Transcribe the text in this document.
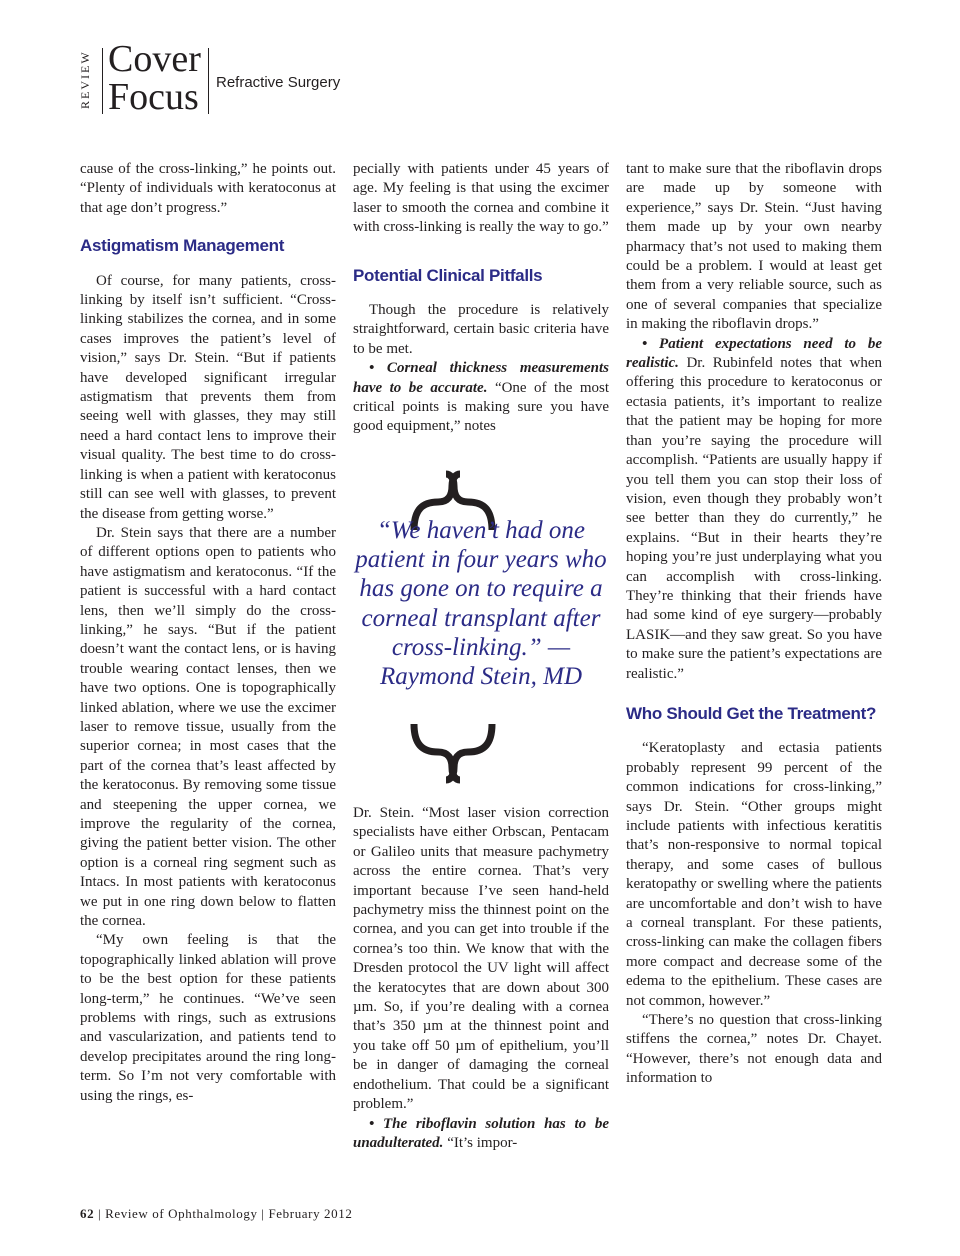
REVIEW Cover
Focus Refractive Surgery

cause of the cross-linking,” he points out. “Plenty of individuals with keratoconus at that age don’t progress.”

Astigmatism Management

Of course, for many patients, cross-linking by itself isn’t sufficient. “Cross-linking stabilizes the cornea, and in some cases improves the patient’s level of vision,” says Dr. Stein. “But if patients have developed significant irregular astigmatism that prevents them from seeing well with glasses, they may still need a hard contact lens to improve their visual quality. The best time to do cross-linking is when a patient with keratoconus still can see well with glasses, to prevent the disease from getting worse.”

Dr. Stein says that there are a number of different options open to patients who have astigmatism and keratoconus. “If the patient is successful with a hard contact lens, then we’ll simply do the cross-linking,” he says. “But if the patient doesn’t want the contact lens, or is having trouble wearing contact lenses, then we have two options. One is topographically linked ablation, where we use the excimer laser to remove tissue, usually from the superior cornea; in most cases that the part of the cornea that’s least affected by the keratoconus. By removing some tissue and steepening the upper cornea, we improve the regularity of the cornea, giving the patient better vision. The other option is a corneal ring segment such as Intacs. In most patients with keratoconus we put in one ring down below to flatten the cornea.

“My own feeling is that the topographically linked ablation will prove to be the best option for these patients long-term,” he continues. “We’ve seen problems with rings, such as extrusions and vascularization, and patients tend to develop precipitates around the ring long-term. So I’m not very comfortable with using the rings, es-

pecially with patients under 45 years of age. My feeling is that using the excimer laser to smooth the cornea and combine it with cross-linking is really the way to go.”

Potential Clinical Pitfalls

Though the procedure is relatively straightforward, certain basic criteria have to be met.

• Corneal thickness measurements have to be accurate. “One of the most critical points is making sure you have good equipment,” notes

“We haven’t had one patient in four years who has gone on to require a corneal transplant after cross-linking.” — Raymond Stein, MD

Dr. Stein. “Most laser vision correction specialists have either Orbscan, Pentacam or Galileo units that measure pachymetry across the entire cornea. That’s very important because I’ve seen hand-held pachymetry miss the thinnest point on the cornea, and you can get into trouble if the cornea’s too thin. We know that with the Dresden protocol the UV light will affect the keratocytes that are down about 300 µm. So, if you’re dealing with a cornea that’s 350 µm at the thinnest point and you take off 50 µm of epithelium, you’ll be in danger of damaging the corneal endothelium. That could be a significant problem.”

• The riboflavin solution has to be unadulterated. “It’s impor-

tant to make sure that the riboflavin drops are made up by someone with experience,” says Dr. Stein. “Just having them made up by your own nearby pharmacy that’s not used to making them could be a problem. I would at least get them from a very reliable source, such as one of several companies that specialize in making the riboflavin drops.”

• Patient expectations need to be realistic. Dr. Rubinfeld notes that when offering this procedure to keratoconus or ectasia patients, it’s important to realize that the patient may be hoping for more than you’re saying the procedure will accomplish. “Patients are usually happy if you tell them you can stop their loss of vision, even though they probably won’t see better than they do currently,” he explains. “But in their hearts they’re hoping you’re just underplaying what you can accomplish with cross-linking. They’re thinking that their friends have had some kind of eye surgery—probably LASIK—and they saw great. So you have to make sure the patient’s expectations are realistic.”

Who Should Get the Treatment?

“Keratoplasty and ectasia patients probably represent 99 percent of the common indications for cross-linking,” says Dr. Stein. “Other groups might include patients with infectious keratitis that’s non-responsive to normal topical therapy, and some cases of bullous keratopathy or swelling where the patients are uncomfortable and don’t wish to have a corneal transplant. For these patients, cross-linking can make the collagen fibers more compact and decrease some of the edema to the epithelium. These cases are not common, however.”

“There’s no question that cross-linking stiffens the cornea,” notes Dr. Chayet. “However, there’s not enough data and information to

62 | Review of Ophthalmology | February 2012
